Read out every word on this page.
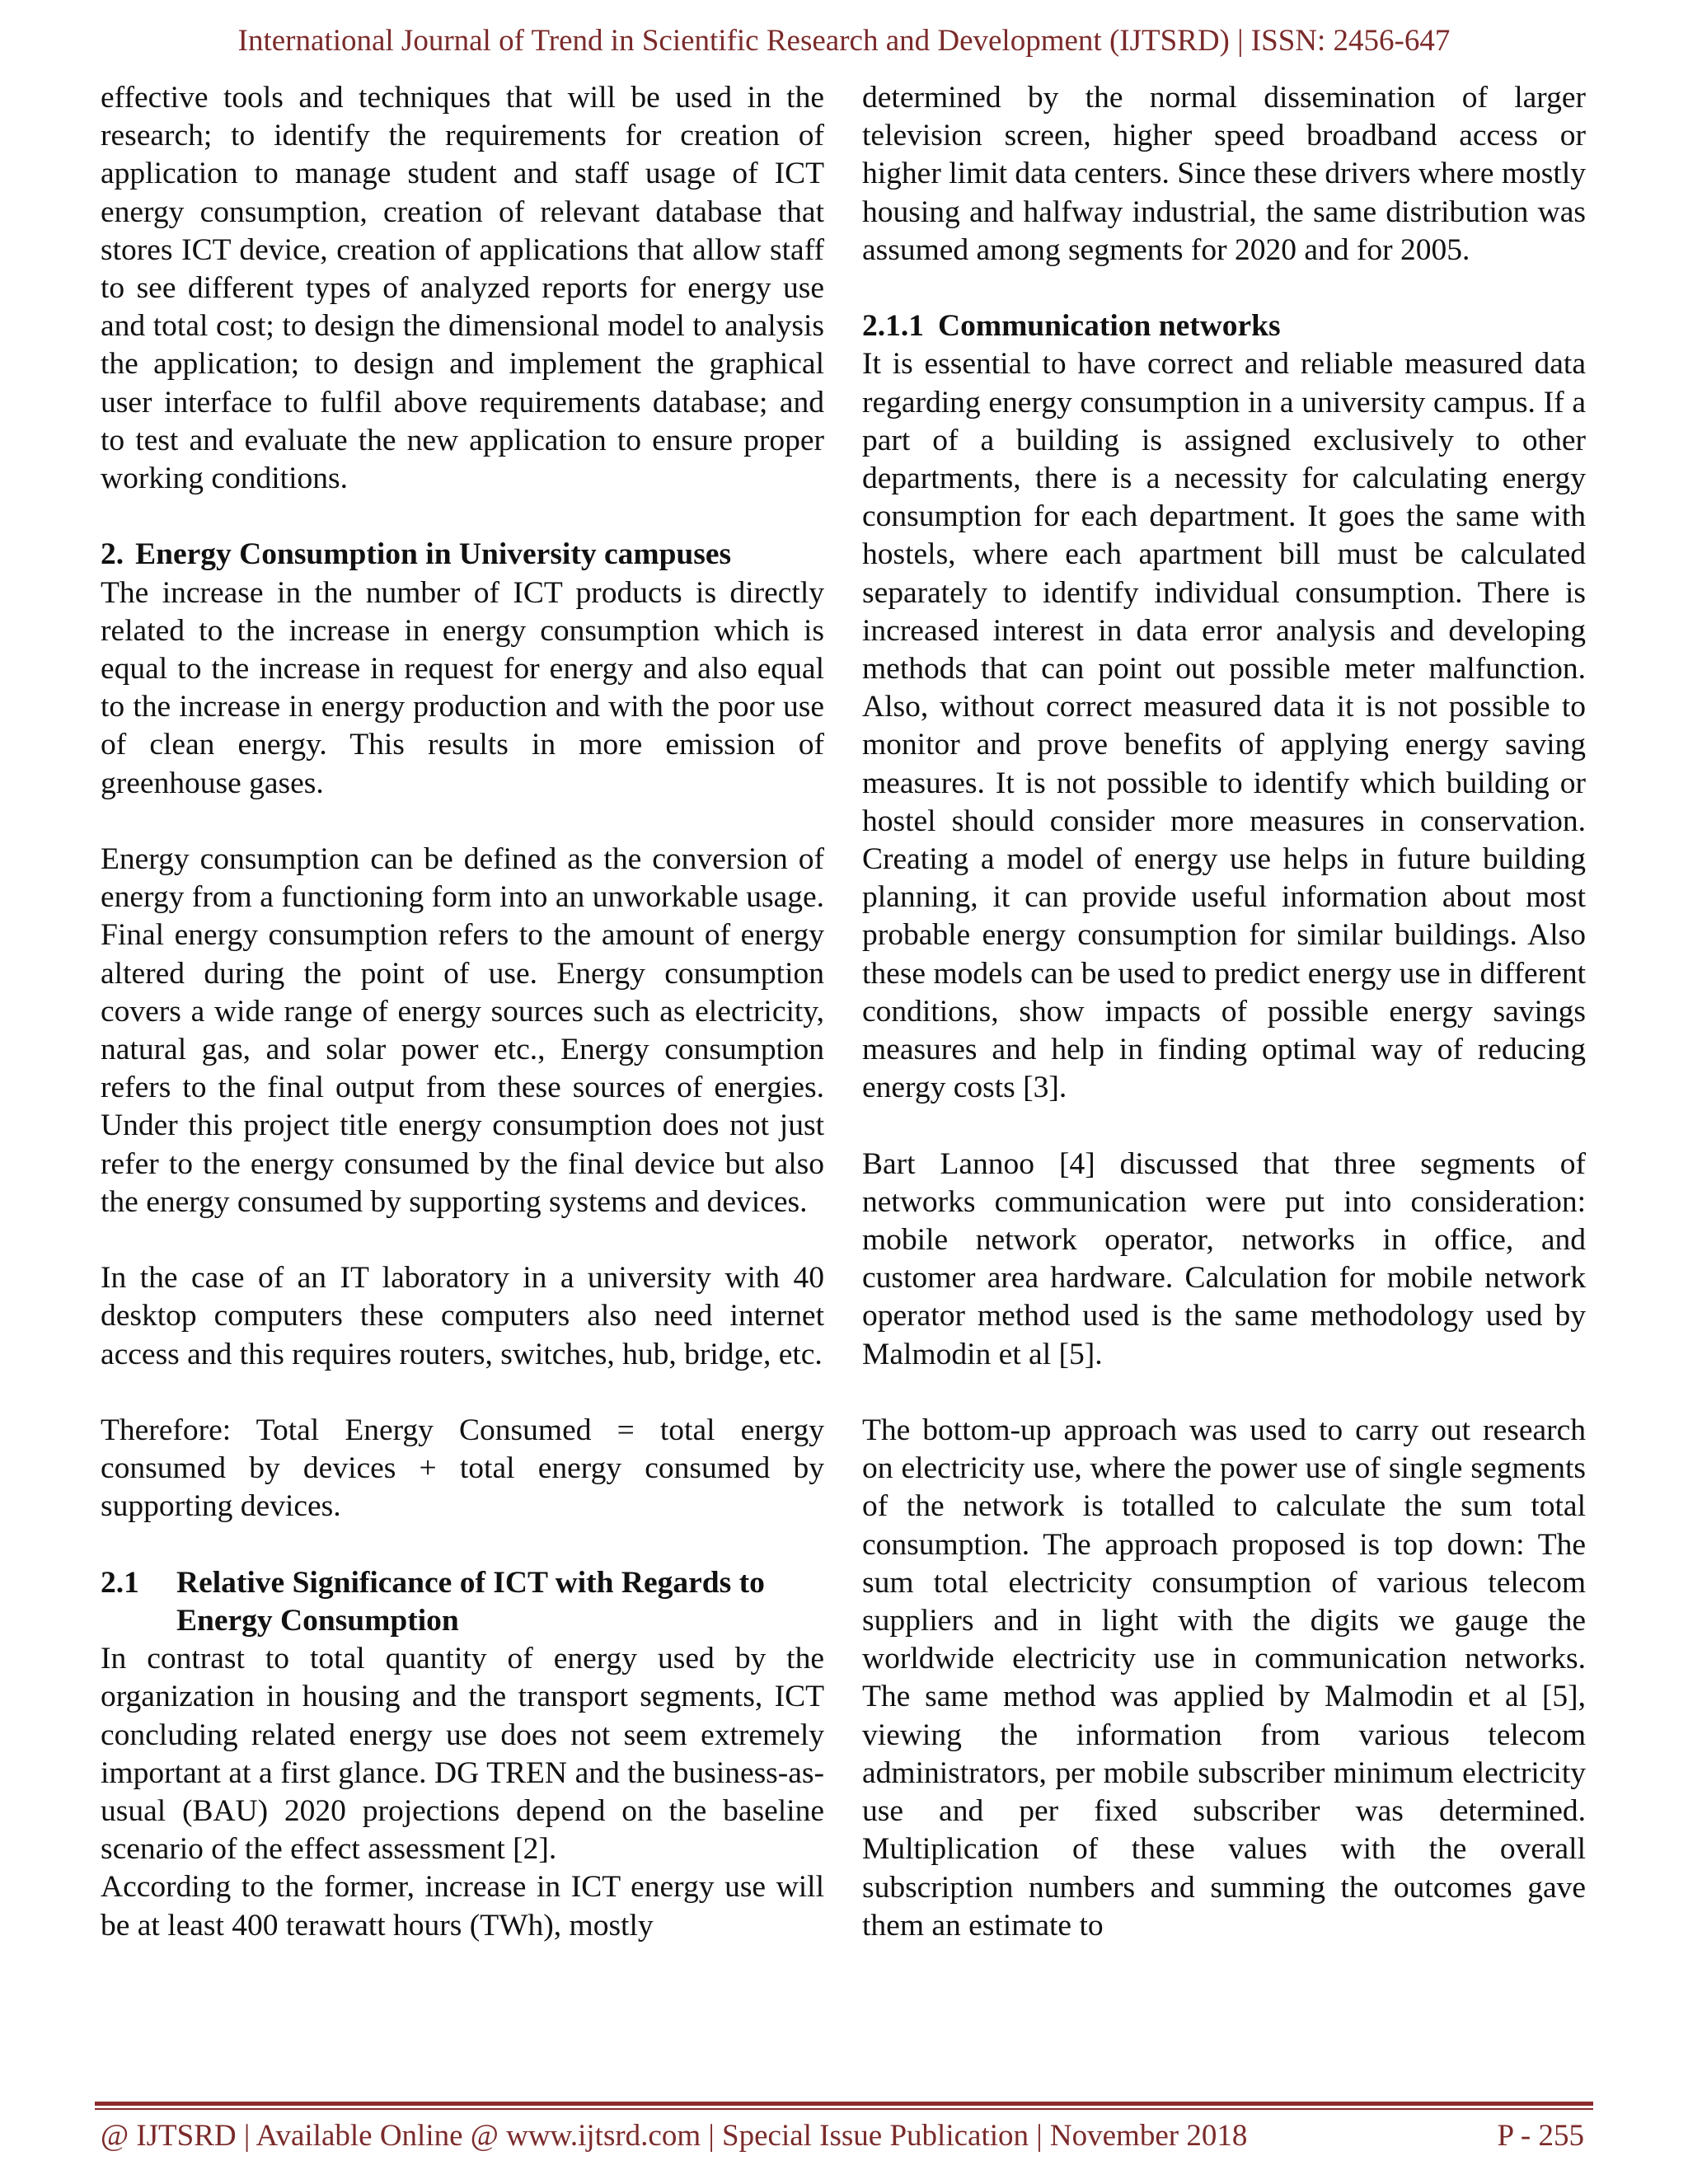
International Journal of Trend in Scientific Research and Development (IJTSRD) | ISSN: 2456-647

effective tools and techniques that will be used in the research; to identify the requirements for creation of application to manage student and staff usage of ICT energy consumption, creation of relevant database that stores ICT device, creation of applications that allow staff to see different types of analyzed reports for energy use and total cost; to design the dimensional model to analysis the application; to design and implement the graphical user interface to fulfil above requirements database; and to test and evaluate the new application to ensure proper working conditions.

2. Energy Consumption in University campuses

The increase in the number of ICT products is directly related to the increase in energy consumption which is equal to the increase in request for energy and also equal to the increase in energy production and with the poor use of clean energy. This results in more emission of greenhouse gases.

Energy consumption can be defined as the conversion of energy from a functioning form into an unworkable usage. Final energy consumption refers to the amount of energy altered during the point of use. Energy consumption covers a wide range of energy sources such as electricity, natural gas, and solar power etc., Energy consumption refers to the final output from these sources of energies. Under this project title energy consumption does not just refer to the energy consumed by the final device but also the energy consumed by supporting systems and devices.

In the case of an IT laboratory in a university with 40 desktop computers these computers also need internet access and this requires routers, switches, hub, bridge, etc.

Therefore: Total Energy Consumed = total energy consumed by devices + total energy consumed by supporting devices.

2.1	Relative Significance of ICT with Regards to Energy Consumption

In contrast to total quantity of energy used by the organization in housing and the transport segments, ICT concluding related energy use does not seem extremely important at a first glance. DG TREN and the business-as-usual (BAU) 2020 projections depend on the baseline scenario of the effect assessment [2].

According to the former, increase in ICT energy use will be at least 400 terawatt hours (TWh), mostly

determined by the normal dissemination of larger television screen, higher speed broadband access or higher limit data centers. Since these drivers where mostly housing and halfway industrial, the same distribution was assumed among segments for 2020 and for 2005.

2.1.1 Communication networks

It is essential to have correct and reliable measured data regarding energy consumption in a university campus. If a part of a building is assigned exclusively to other departments, there is a necessity for calculating energy consumption for each department. It goes the same with hostels, where each apartment bill must be calculated separately to identify individual consumption. There is increased interest in data error analysis and developing methods that can point out possible meter malfunction. Also, without correct measured data it is not possible to monitor and prove benefits of applying energy saving measures. It is not possible to identify which building or hostel should consider more measures in conservation. Creating a model of energy use helps in future building planning, it can provide useful information about most probable energy consumption for similar buildings. Also these models can be used to predict energy use in different conditions, show impacts of possible energy savings measures and help in finding optimal way of reducing energy costs [3].

Bart Lannoo [4] discussed that three segments of networks communication were put into consideration: mobile network operator, networks in office, and customer area hardware. Calculation for mobile network operator method used is the same methodology used by Malmodin et al [5].

The bottom-up approach was used to carry out research on electricity use, where the power use of single segments of the network is totalled to calculate the sum total consumption. The approach proposed is top down: The sum total electricity consumption of various telecom suppliers and in light with the digits we gauge the worldwide electricity use in communication networks. The same method was applied by Malmodin et al [5], viewing the information from various telecom administrators, per mobile subscriber minimum electricity use and per fixed subscriber was determined. Multiplication of these values with the overall subscription numbers and summing the outcomes gave them an estimate to

@ IJTSRD | Available Online @ www.ijtsrd.com | Special Issue Publication | November 2018	P - 255
